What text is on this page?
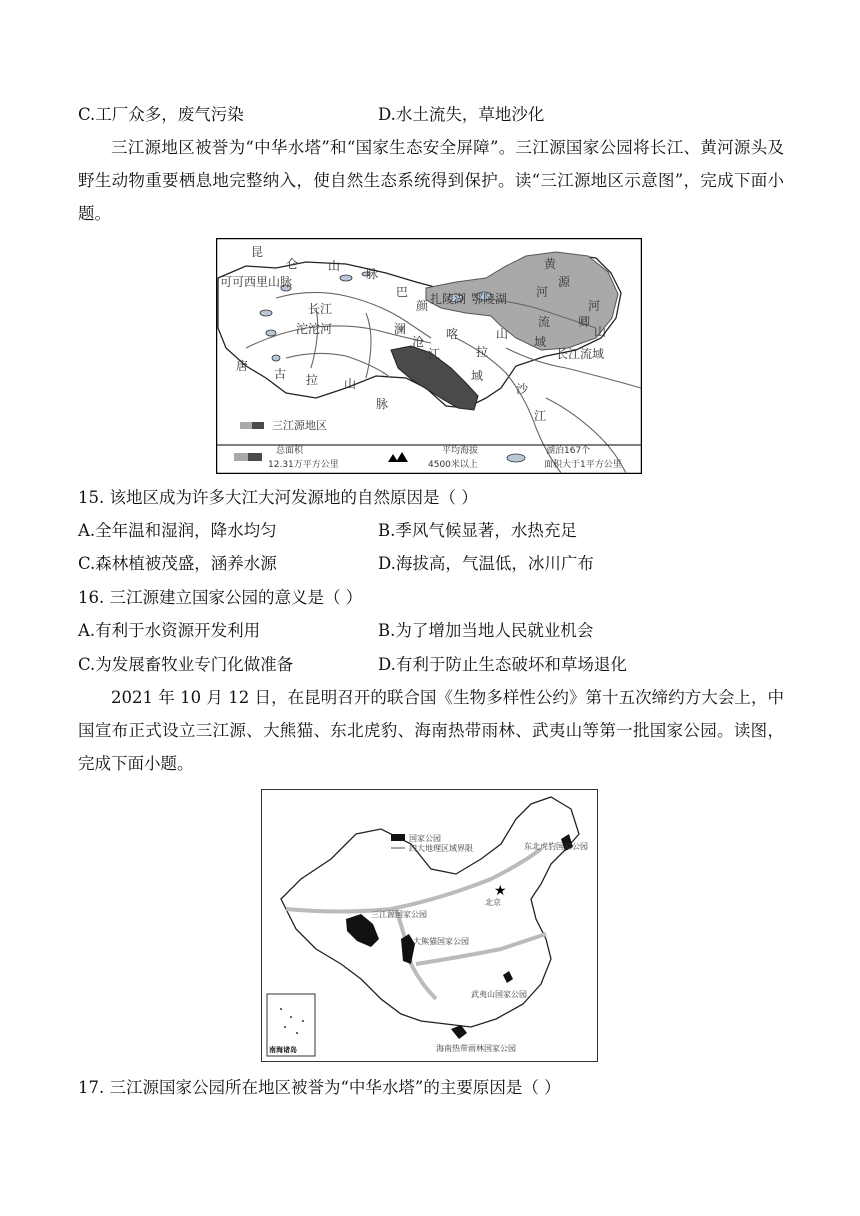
C.工厂众多，废气污染	D.水土流失，草地沙化
三江源地区被誉为“中华水塔”和“国家生态安全屏障”。三江源国家公园将长江、黄河源头及野生动物重要栖息地完整纳入，使自然生态系统得到保护。读“三江源地区示意图”，完成下面小题。
昆
仑 山
脉
可可西里山脉
沱沱河
长江
巴
颜
喀
拉
山
唐
古 拉 山
脉
澜
沧
江
扎陵湖 鄂陵湖
黄
河
源
流
河
域
卿
山
长江流域
沙
江
域
三江源地区
总面积
12.31万平方公里
平均海拔
4500米以上
湖泊167个
面积大于1平方公里
15. 该地区成为许多大江大河发源地的自然原因是（ ）
A.全年温和湿润，降水均匀	B.季风气候显著，水热充足
C.森林植被茂盛，涵养水源	D.海拔高，气温低，冰川广布
16. 三江源建立国家公园的意义是（ ）
A.有利于水资源开发利用	B.为了增加当地人民就业机会
C.为发展畜牧业专门化做准备	D.有利于防止生态破坏和草场退化
2021 年 10 月 12 日，在昆明召开的联合国《生物多样性公约》第十五次缔约方大会上，中国宣布正式设立三江源、大熊猫、东北虎豹、海南热带雨林、武夷山等第一批国家公园。读图，完成下面小题。
★
国家公园
四大地理区域界限	东北虎豹国家公园
北京
三江源国家公园
大熊猫国家公园
武夷山国家公园
海南热带雨林国家公园
南海诸岛
17. 三江源国家公园所在地区被誉为“中华水塔”的主要原因是（ ）
